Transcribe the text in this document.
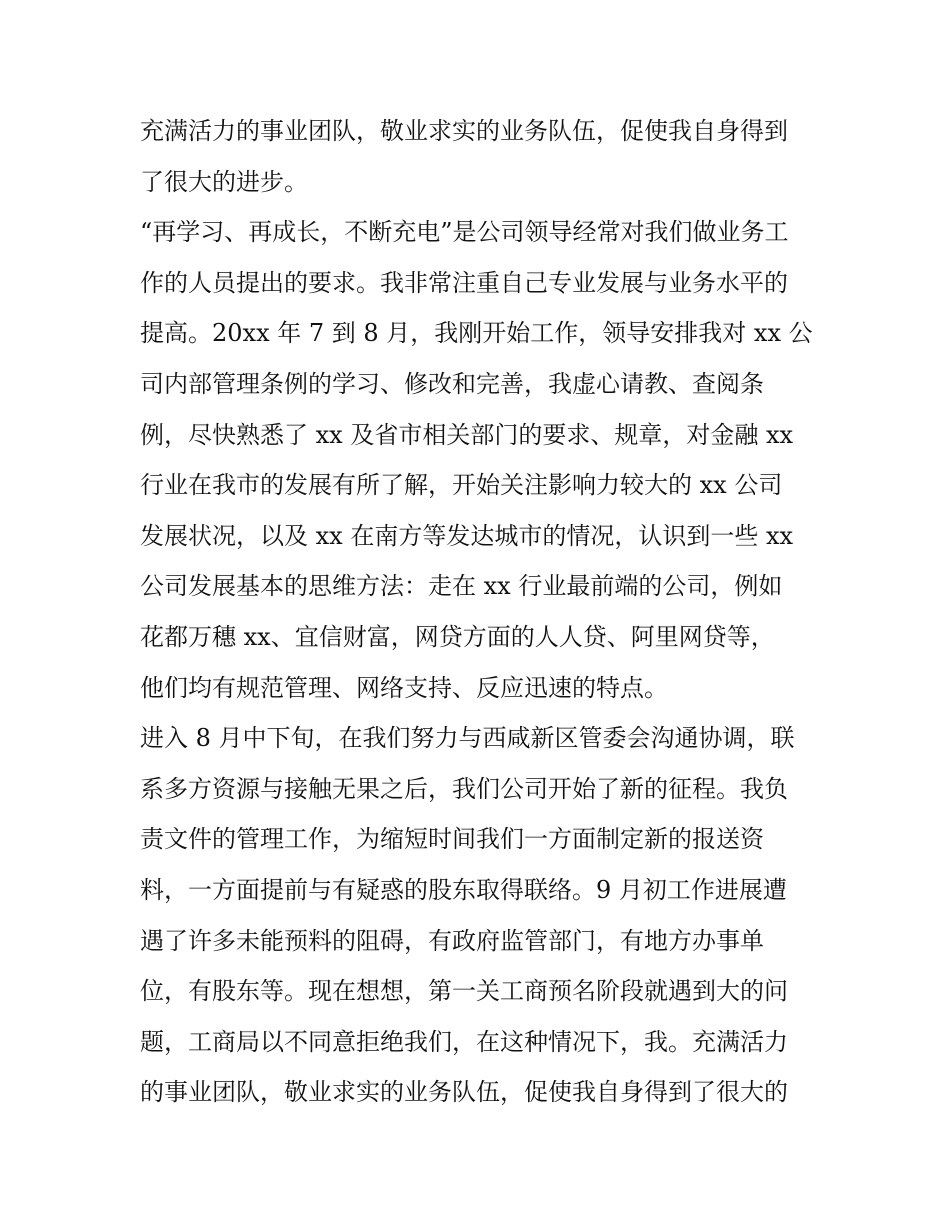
充满活力的事业团队，敬业求实的业务队伍，促使我自身得到
了很大的进步。
“再学习、再成长，不断充电”是公司领导经常对我们做业务工
作的人员提出的要求。我非常注重自己专业发展与业务水平的
提高。20xx 年 7 到 8 月，我刚开始工作，领导安排我对 xx 公
司内部管理条例的学习、修改和完善，我虚心请教、查阅条
例，尽快熟悉了 xx 及省市相关部门的要求、规章，对金融 xx
行业在我市的发展有所了解，开始关注影响力较大的 xx 公司
发展状况，以及 xx 在南方等发达城市的情况，认识到一些 xx
公司发展基本的思维方法：走在 xx 行业最前端的公司，例如
花都万穗 xx、宜信财富，网贷方面的人人贷、阿里网贷等，
他们均有规范管理、网络支持、反应迅速的特点。
进入 8 月中下旬，在我们努力与西咸新区管委会沟通协调，联
系多方资源与接触无果之后，我们公司开始了新的征程。我负
责文件的管理工作，为缩短时间我们一方面制定新的报送资
料，一方面提前与有疑惑的股东取得联络。9 月初工作进展遭
遇了许多未能预料的阻碍，有政府监管部门，有地方办事单
位，有股东等。现在想想，第一关工商预名阶段就遇到大的问
题，工商局以不同意拒绝我们，在这种情况下，我。充满活力
的事业团队，敬业求实的业务队伍，促使我自身得到了很大的
